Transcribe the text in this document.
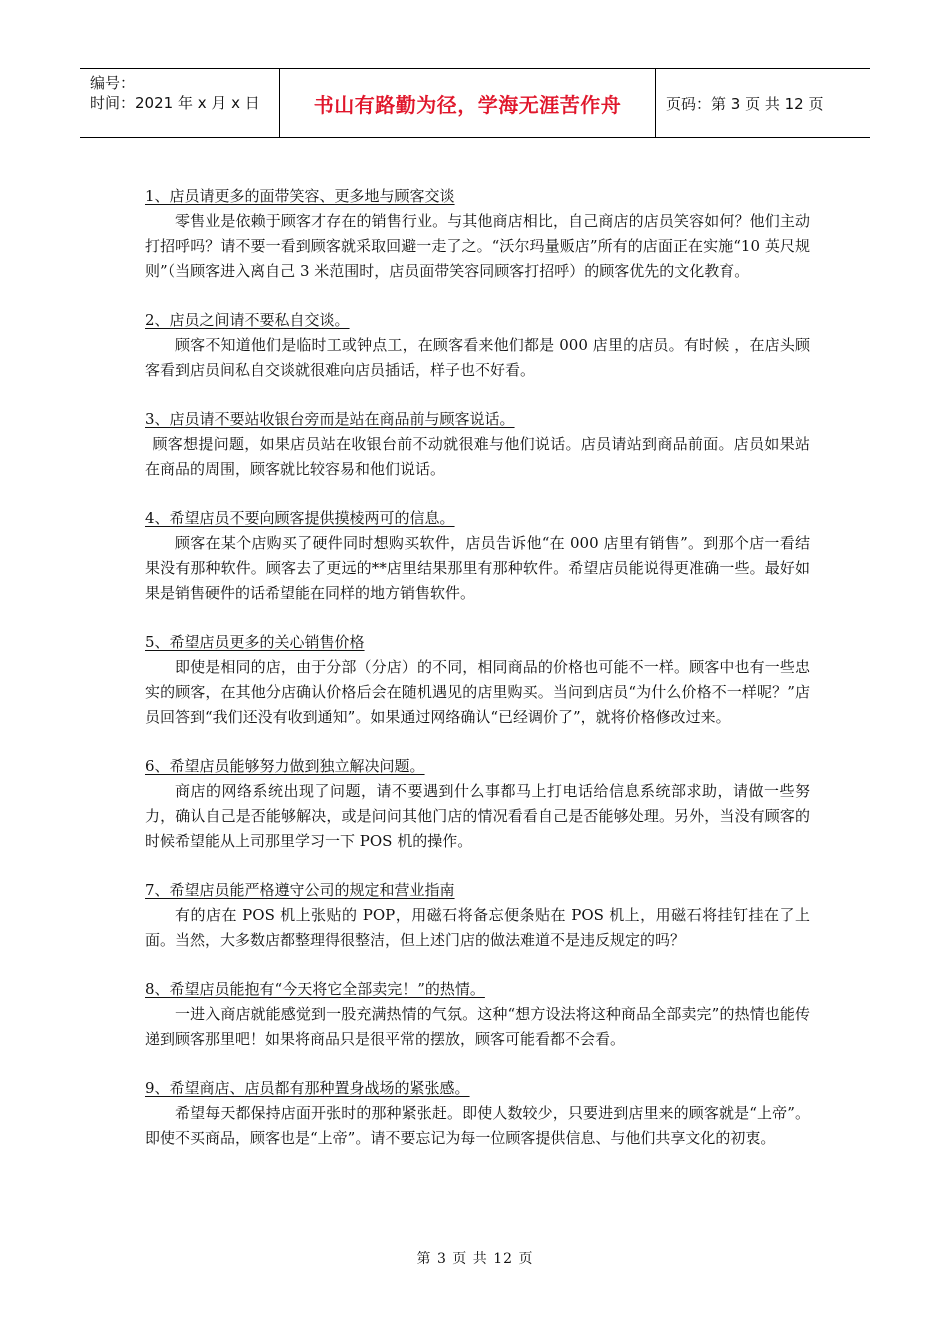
编号：
时间：2021 年 x 月 x 日	书山有路勤为径，学海无涯苦作舟	页码：第 3 页 共 12 页
1、店员请更多的面带笑容、更多地与顾客交谈
零售业是依赖于顾客才存在的销售行业。与其他商店相比，自己商店的店员笑容如何？他们主动打招呼吗？请不要一看到顾客就采取回避一走了之。“沃尔玛量贩店”所有的店面正在实施“10 英尺规则”（当顾客进入离自己 3 米范围时，店员面带笑容同顾客打招呼）的顾客优先的文化教育。
2、店员之间请不要私自交谈。
顾客不知道他们是临时工或钟点工，在顾客看来他们都是 000 店里的店员。有时候 ，在店头顾客看到店员间私自交谈就很难向店员插话，样子也不好看。
3、店员请不要站收银台旁而是站在商品前与顾客说话。
顾客想提问题，如果店员站在收银台前不动就很难与他们说话。店员请站到商品前面。店员如果站在商品的周围，顾客就比较容易和他们说话。
4、希望店员不要向顾客提供摸棱两可的信息。
顾客在某个店购买了硬件同时想购买软件，店员告诉他“在 000 店里有销售”。到那个店一看结果没有那种软件。顾客去了更远的**店里结果那里有那种软件。希望店员能说得更准确一些。最好如果是销售硬件的话希望能在同样的地方销售软件。
5、希望店员更多的关心销售价格
即使是相同的店，由于分部（分店）的不同，相同商品的价格也可能不一样。顾客中也有一些忠实的顾客，在其他分店确认价格后会在随机遇见的店里购买。当问到店员“为什么价格不一样呢？”店员回答到“我们还没有收到通知”。如果通过网络确认“已经调价了”，就将价格修改过来。
6、希望店员能够努力做到独立解决问题。
商店的网络系统出现了问题，请不要遇到什么事都马上打电话给信息系统部求助，请做一些努力，确认自己是否能够解决，或是问问其他门店的情况看看自己是否能够处理。另外，当没有顾客的时候希望能从上司那里学习一下 POS 机的操作。
7、希望店员能严格遵守公司的规定和营业指南
有的店在 POS 机上张贴的 POP，用磁石将备忘便条贴在 POS 机上，用磁石将挂钉挂在了上面。当然，大多数店都整理得很整洁，但上述门店的做法难道不是违反规定的吗？
8、希望店员能抱有“今天将它全部卖完！”的热情。
一进入商店就能感觉到一股充满热情的气氛。这种“想方设法将这种商品全部卖完”的热情也能传递到顾客那里吧！如果将商品只是很平常的摆放，顾客可能看都不会看。
9、希望商店、店员都有那种置身战场的紧张感。
希望每天都保持店面开张时的那种紧张赶。即使人数较少，只要进到店里来的顾客就是“上帝”。即使不买商品，顾客也是“上帝”。请不要忘记为每一位顾客提供信息、与他们共享文化的初衷。
第 3 页 共 12 页
